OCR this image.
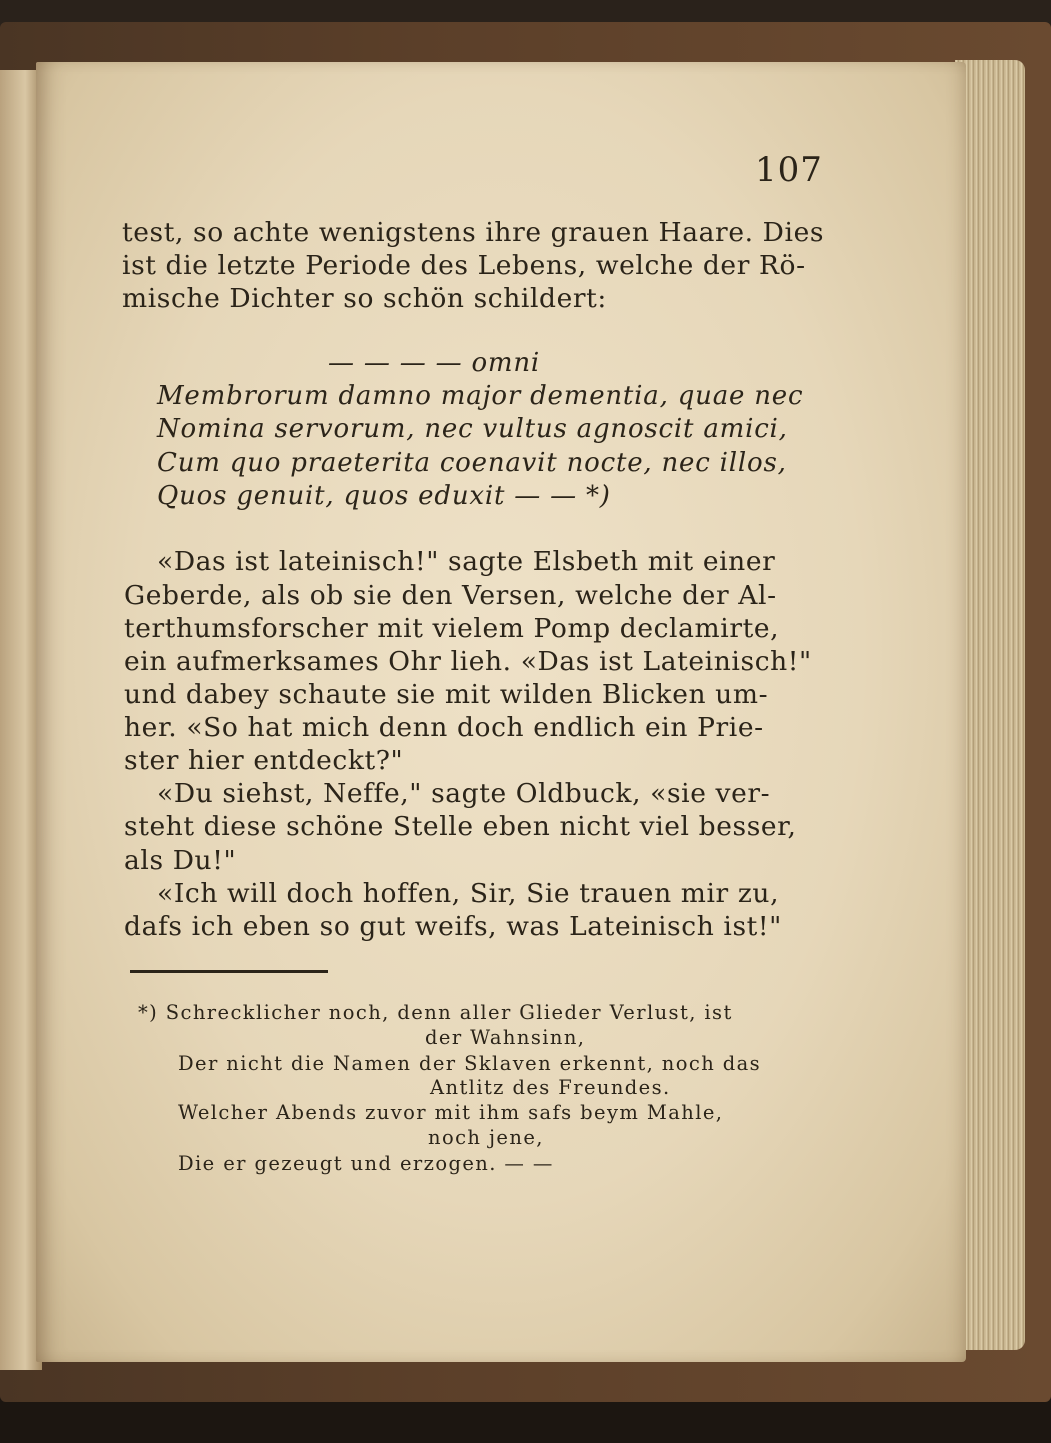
107
test, so achte wenigstens ihre grauen Haare. Dies
ist die letzte Periode des Lebens, welche der Rö-
mische Dichter so schön schildert:
— — — — omni
Membrorum damno major dementia, quae nec
Nomina servorum, nec vultus agnoscit amici,
Cum quo praeterita coenavit nocte, nec illos,
Quos genuit, quos eduxit — — *)
«Das ist lateinisch!" sagte Elsbeth mit einer
Geberde, als ob sie den Versen, welche der Al-
terthumsforscher mit vielem Pomp declamirte,
ein aufmerksames Ohr lieh. «Das ist Lateinisch!"
und dabey schaute sie mit wilden Blicken um-
her. «So hat mich denn doch endlich ein Prie-
ster hier entdeckt?"
«Du siehst, Neffe," sagte Oldbuck, «sie ver-
steht diese schöne Stelle eben nicht viel besser,
als Du!"
«Ich will doch hoffen, Sir, Sie trauen mir zu,
dafs ich eben so gut weifs, was Lateinisch ist!"
*) Schrecklicher noch, denn aller Glieder Verlust, ist
der Wahnsinn,
Der nicht die Namen der Sklaven erkennt, noch das
Antlitz des Freundes.
Welcher Abends zuvor mit ihm safs beym Mahle,
noch jene,
Die er gezeugt und erzogen. — —
